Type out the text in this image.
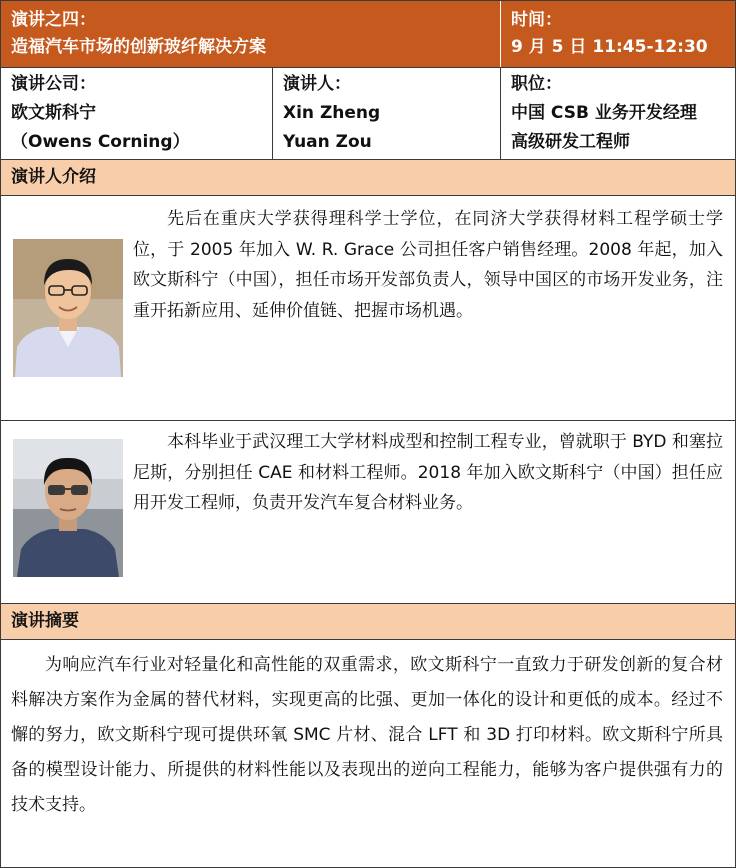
演讲之四：
造福汽车市场的创新玻纤解决方案
时间：
9 月 5 日 11:45-12:30
演讲公司：
欧文斯科宁
（Owens Corning）
演讲人：
Xin Zheng
Yuan Zou
职位：
中国 CSB 业务开发经理
高级研发工程师
演讲人介绍
先后在重庆大学获得理科学士学位，在同济大学获得材料工程学硕士学位，于 2005 年加入 W. R. Grace 公司担任客户销售经理。2008 年起，加入欧文斯科宁（中国），担任市场开发部负责人，领导中国区的市场开发业务，注重开拓新应用、延伸价值链、把握市场机遇。
本科毕业于武汉理工大学材料成型和控制工程专业，曾就职于 BYD 和塞拉尼斯，分别担任 CAE 和材料工程师。2018 年加入欧文斯科宁（中国）担任应用开发工程师，负责开发汽车复合材料业务。
演讲摘要
为响应汽车行业对轻量化和高性能的双重需求，欧文斯科宁一直致力于研发创新的复合材料解决方案作为金属的替代材料，实现更高的比强、更加一体化的设计和更低的成本。经过不懈的努力，欧文斯科宁现可提供环氧 SMC 片材、混合 LFT 和 3D 打印材料。欧文斯科宁所具备的模型设计能力、所提供的材料性能以及表现出的逆向工程能力，能够为客户提供强有力的技术支持。
